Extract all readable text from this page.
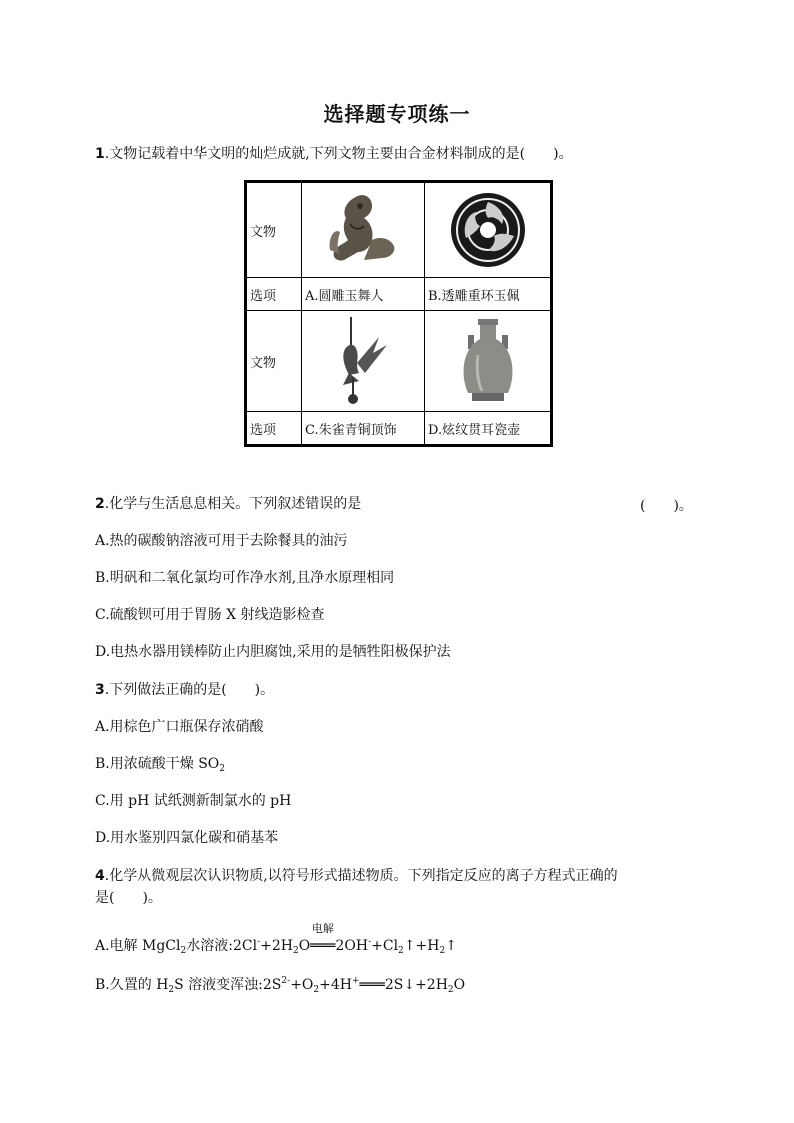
选择题专项练一
1.文物记载着中华文明的灿烂成就,下列文物主要由合金材料制成的是(　　)。
文物	

选项	A.圆雕玉舞人	B.透雕重环玉佩
文物	

选项	C.朱雀青铜顶饰	D.炫纹贯耳瓷壶
2.化学与生活息息相关。下列叙述错误的是	(　　)。
A.热的碳酸钠溶液可用于去除餐具的油污
B.明矾和二氧化氯均可作净水剂,且净水原理相同
C.硫酸钡可用于胃肠 X 射线造影检查
D.电热水器用镁棒防止内胆腐蚀,采用的是牺牲阳极保护法
3.下列做法正确的是(　　)。
A.用棕色广口瓶保存浓硝酸
B.用浓硫酸干燥 $SO_2$
C.用 pH 试纸测新制氯水的 pH
D.用水鉴别四氯化碳和硝基苯
4.化学从微观层次认识物质,以符号形式描述物质。下列指定反应的离子方程式正确的
是(　　)。
A.电解 MgCl$_2$水溶液$:2Cl^-+2H_2O$
电解
$═══2OH^-+Cl_2↑+H_2↑$
B.久置的 $H_2S$ 溶液变浑浊$:2S^{2-}+O_2+4H^+═══2S↓+2H_2O$
